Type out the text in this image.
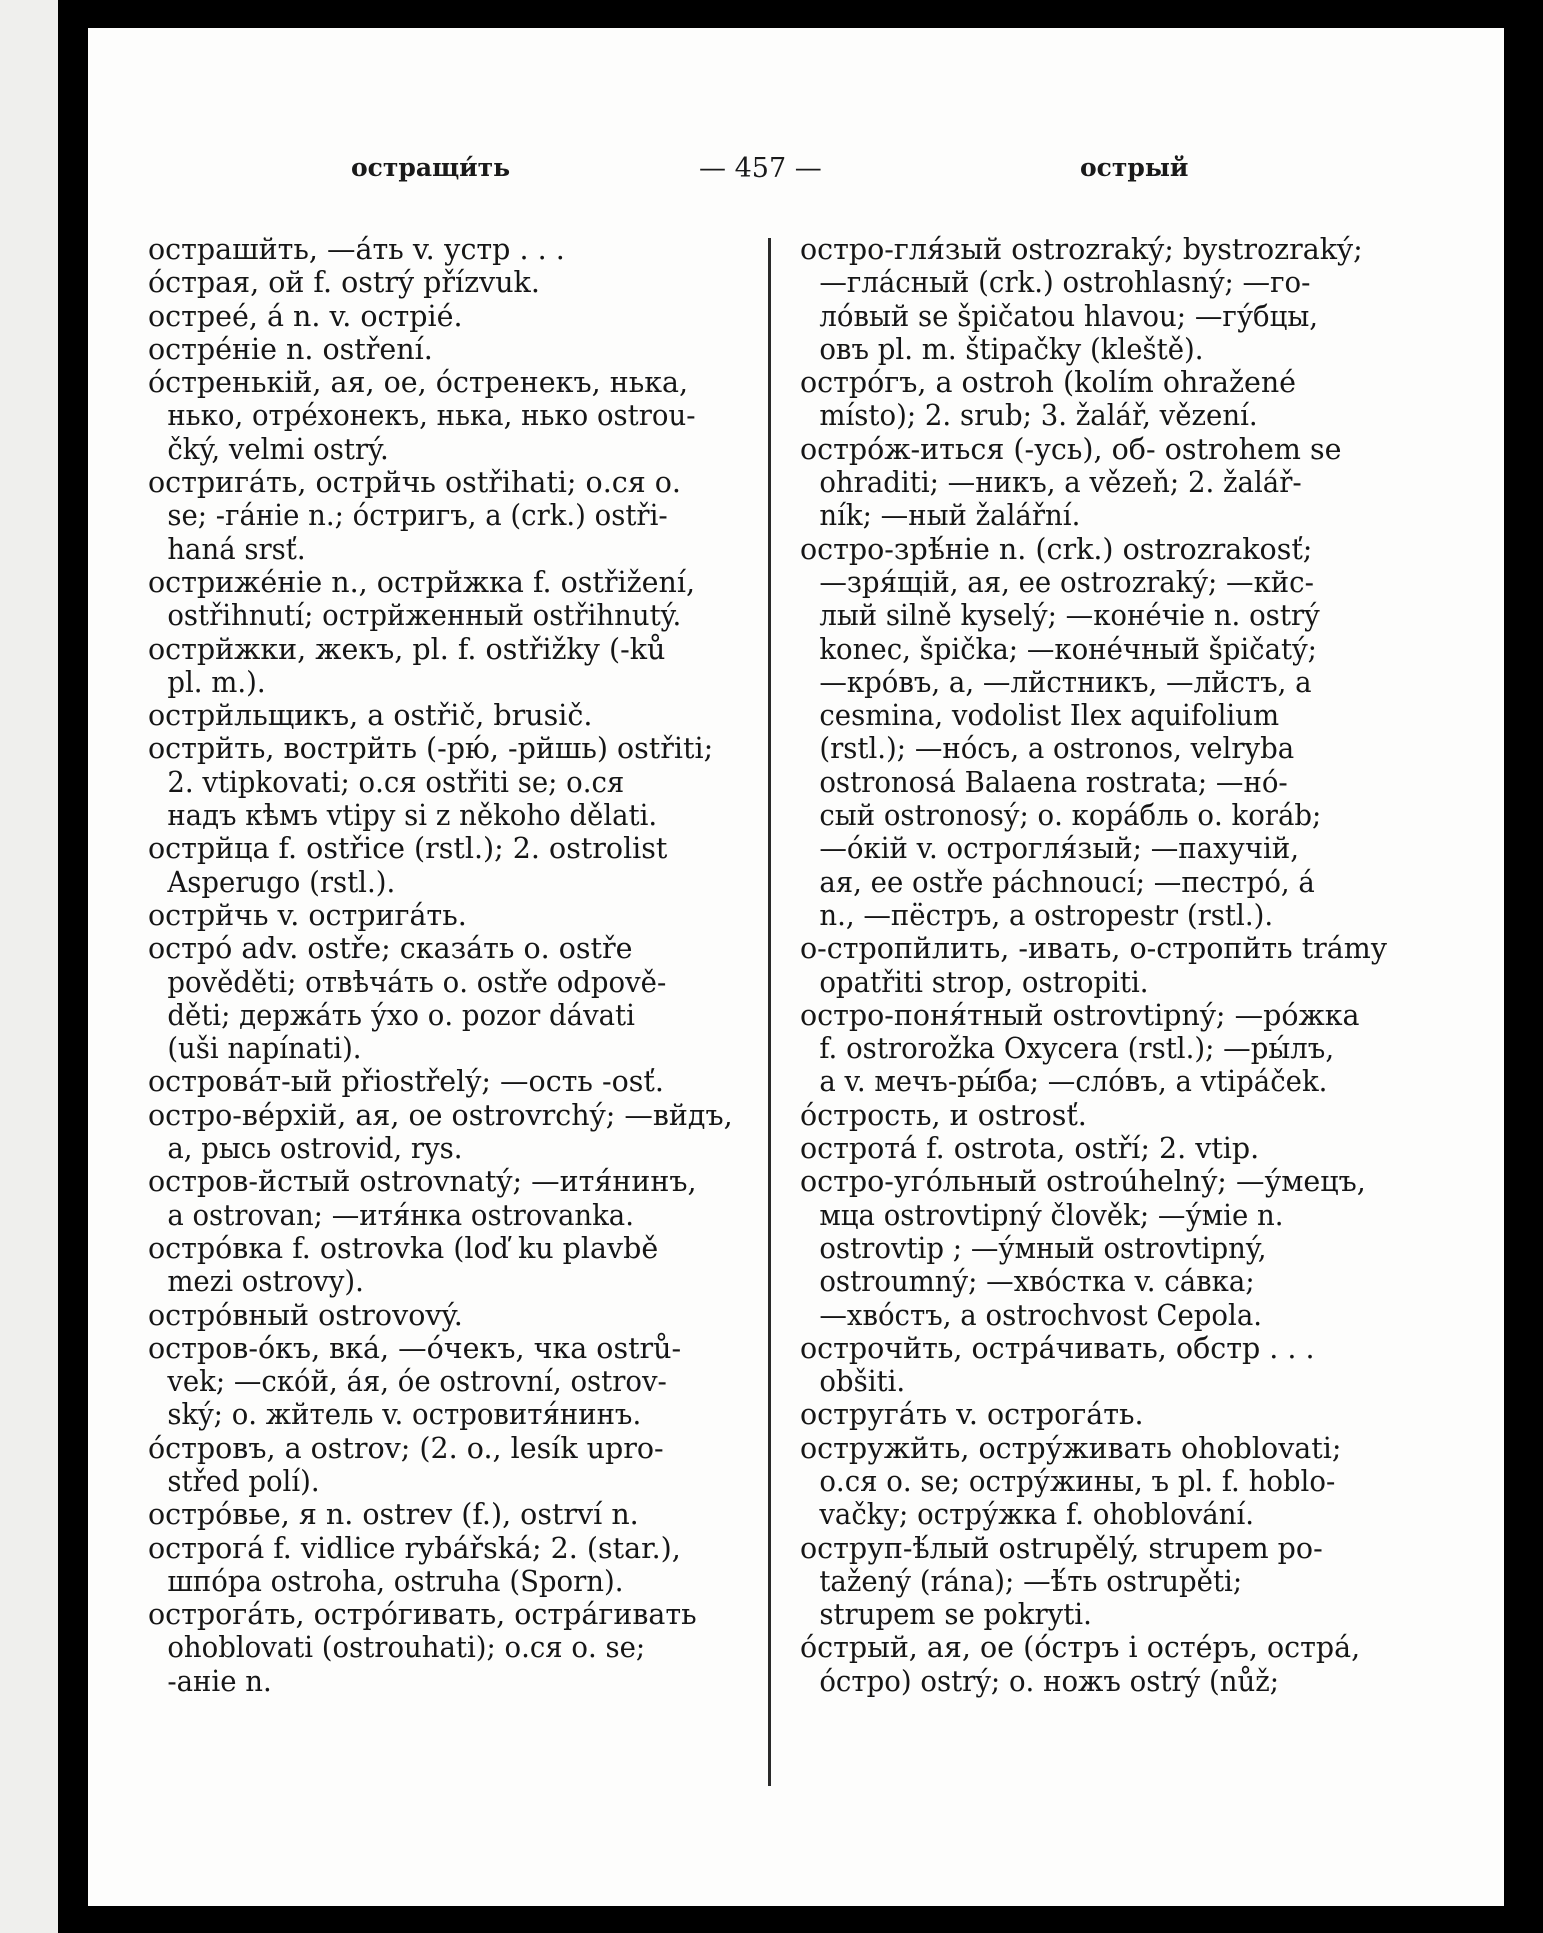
остращи́ть	— 457 —	острый
острашйть, —áть v. устр . . .
óстрая, ой f. ostrý přízvuk.
остреé, á n. v. острié.
острéнie n. ostření.
óстренькiй, ая, ое, óстренекъ, нька,
нько, отрéхонекъ, нька, нько ostrou-
čký, velmi ostrý.
остригáть, острйчь ostřihati; о.ся о.
se; -гáнie n.; óстригъ, а (crk.) ostři-
haná srsť.
острижéнie n., острйжка f. ostřižení,
ostřihnutí; острйженный ostřihnutý.
острйжки, жекъ, pl. f. ostřižky (-ků
pl. m.).
острйльщикъ, а ostřič, brusič.
острйть, вострйть (-рю́, -рйшь) ostřiti;
2. vtipkovati; о.ся ostřiti se; о.ся
надъ кѣмъ vtipy si z někoho dělati.
острйца f. ostřice (rstl.); 2. ostrolist
Asperugo (rstl.).
острйчь v. остригáть.
остро́ adv. ostře; сказáть о. ostře
pověděti; отвѣчáть о. ostře odpově-
děti; держáть у́хо о. pozor dávati
(uši napínati).
островáт-ый přiostřelý; —ость -osť.
остро-вéрхiй, ая, ое ostrovrchý; —вйдъ,
а, рысь ostrovid, rys.
остров-йстый ostrovnatý; —итя́нинъ,
a ostrovan; —итя́нка ostrovanka.
острóвка f. ostrovka (loď ku plavbě
mezi ostrovy).
острóвный ostrovový.
остров-óкъ, вкá, —óчекъ, чка ostrů-
vek; —скóй, áя, óе ostrovní, ostrov-
ský; о. жйтель v. островитя́нинъ.
óстровъ, а ostrov; (2. o., lesík upro-
střed polí).
острóвье, я n. ostrev (f.), ostrví n.
острогá f. vidlice rybářská; 2. (star.),
шпóра ostroha, ostruha (Sporn).
острогáть, острóгивать, острáгивать
ohoblovati (ostrouhati); о.ся о. se;
-анie n.
остро-гля́зый ostrozraký; bystrozraký;
—глáсный (crk.) ostrohlasný; —го-
лóвый se špičatou hlavou; —гу́бцы,
овъ pl. m. štipačky (kleště).
острóгъ, а ostroh (kolím ohražené
místo); 2. srub; 3. žalář, vězení.
острóж-иться (-усь), об- ostrohem se
ohraditi; —никъ, а vězeň; 2. žalář-
ník; —ный žalářní.
остро-зрѣ́нie n. (crk.) ostrozrakosť;
—зря́щiй, ая, ее ostrozraký; —кйс-
лый silně kyselý; —конéчie n. ostrý
konec, špička; —конéчный špičatý;
—крóвъ, а, —лйстникъ, —лйстъ, а
cesmina, vodolist Ilex aquifolium
(rstl.); —нóсъ, а ostronos, velryba
ostronosá Balaena rostrata; —нó-
сый ostronosý; о. корáбль о. koráb;
—óкiй v. острогля́зый; —пахучiй,
ая, ее ostře páchnoucí; —пестрó, á
n., —пёстръ, а ostropestr (rstl.).
о-стропйлить, -ивать, о-стропйть trámy
opatřiti strop, ostropiti.
остро-поня́тный ostrovtipný; —рóжка
f. ostrorožka Oxycera (rstl.); —ры́лъ,
а v. мечъ-ры́ба; —слóвъ, а vtipáček.
óстрость, и ostrosť.
остротá f. ostrota, ostří; 2. vtip.
остро-угóльный ostroúhelný; —у́мецъ,
мца ostrovtipný člověk; —у́мie n.
ostrovtip ; —у́мный ostrovtipný,
ostroumný; —хвóстка v. сáвка;
—хвóстъ, а ostrochvost Cepola.
острочйть, острáчивать, обстр . . .
obšiti.
остругáть v. острогáть.
остружйть, остру́живать ohoblovati;
о.ся о. se; остру́жины, ъ pl. f. hoblo-
vačky; остру́жка f. ohoblování.
оструп-ѣ́лый ostrupělý, strupem po-
tažený (rána); —ѣ́ть ostrupěti;
strupem se pokryti.
óстрый, ая, ое (óстръ i остéръ, острá,
óстро) ostrý; о. ножъ ostrý (nůž;
